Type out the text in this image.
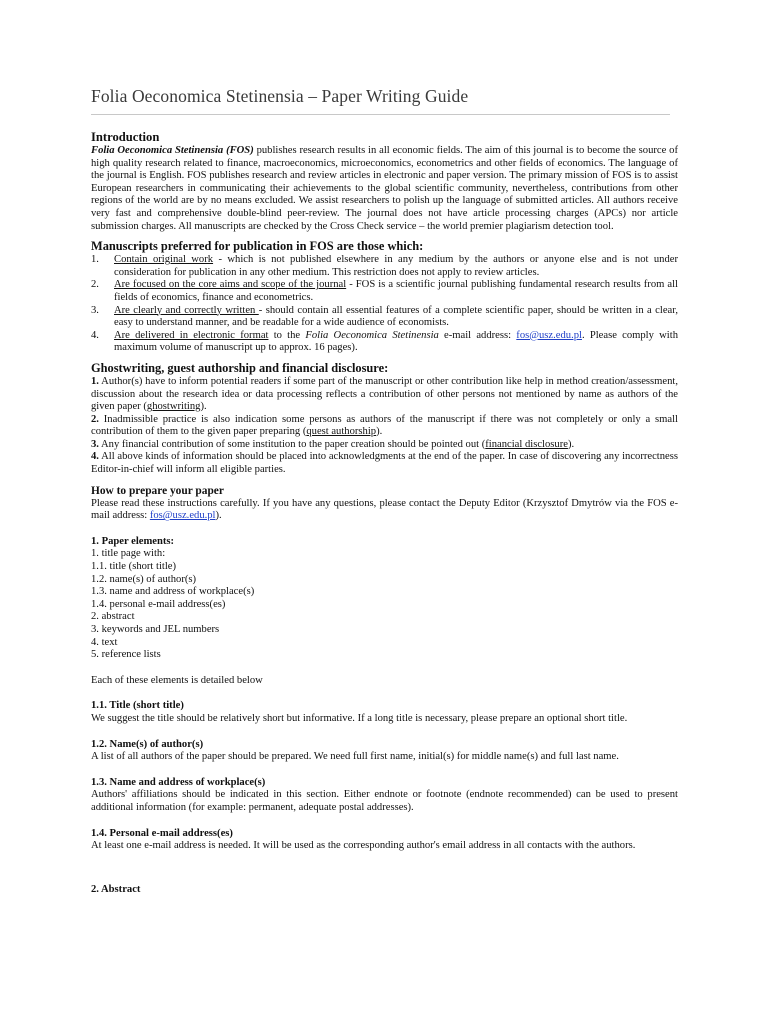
Folia Oeconomica Stetinensia – Paper Writing Guide
Introduction

Folia Oeconomica Stetinensia (FOS) publishes research results in all economic fields. The aim of this journal is to become the source of high quality research related to finance, macroeconomics, microeconomics, econometrics and other fields of economics. The language of the journal is English. FOS publishes research and review articles in electronic and paper version. The primary mission of FOS is to assist European researchers in communicating their achievements to the global scientific community, nevertheless, contributions from other regions of the world are by no means excluded. We assist researchers to polish up the language of submitted articles. All authors receive very fast and comprehensive double-blind peer-review. The journal does not have article processing charges (APCs) nor article submission charges. All manuscripts are checked by the Cross Check service – the world premier plagiarism detection tool.

Manuscripts preferred for publication in FOS are those which:
1. Contain original work - which is not published elsewhere in any medium by the authors or anyone else and is not under consideration for publication in any other medium. This restriction does not apply to review articles.
2. Are focused on the core aims and scope of the journal - FOS is a scientific journal publishing fundamental research results from all fields of economics, finance and econometrics.
3. Are clearly and correctly written - should contain all essential features of a complete scientific paper, should be written in a clear, easy to understand manner, and be readable for a wide audience of economists.
4. Are delivered in electronic format to the Folia Oeconomica Stetinensia e-mail address: fos@usz.edu.pl. Please comply with maximum volume of manuscript up to approx. 16 pages).
Ghostwriting, guest authorship and financial disclosure:

1. Author(s) have to inform potential readers if some part of the manuscript or other contribution like help in method creation/assessment, discussion about the research idea or data processing reflects a contribution of other persons not mentioned by name as authors of the given paper (ghostwriting).

2. Inadmissible practice is also indication some persons as authors of the manuscript if there was not completely or only a small contribution of them to the given paper preparing (quest authorship).

3. Any financial contribution of some institution to the paper creation should be pointed out (financial disclosure).

4. All above kinds of information should be placed into acknowledgments at the end of the paper. In case of discovering any incorrectness Editor-in-chief will inform all eligible parties.

How to prepare your paper

Please read these instructions carefully. If you have any questions, please contact the Deputy Editor (Krzysztof Dmytrów via the FOS e-mail address: fos@usz.edu.pl).

1. Paper elements:
1. title page with:
1.1. title (short title)
1.2. name(s) of author(s)
1.3. name and address of workplace(s)
1.4. personal e-mail address(es)
2. abstract
3. keywords and JEL numbers
4. text
5. reference lists
Each of these elements is detailed below
1.1. Title (short title)

We suggest the title should be relatively short but informative. If a long title is necessary, please prepare an optional short title.

1.2. Name(s) of author(s)

A list of all authors of the paper should be prepared. We need full first name, initial(s) for middle name(s) and full last name.

1.3. Name and address of workplace(s)

Authors' affiliations should be indicated in this section. Either endnote or footnote (endnote recommended) can be used to present additional information (for example: permanent, adequate postal addresses).

1.4. Personal e-mail address(es)

At least one e-mail address is needed. It will be used as the corresponding author's email address in all contacts with the authors.

2. Abstract
